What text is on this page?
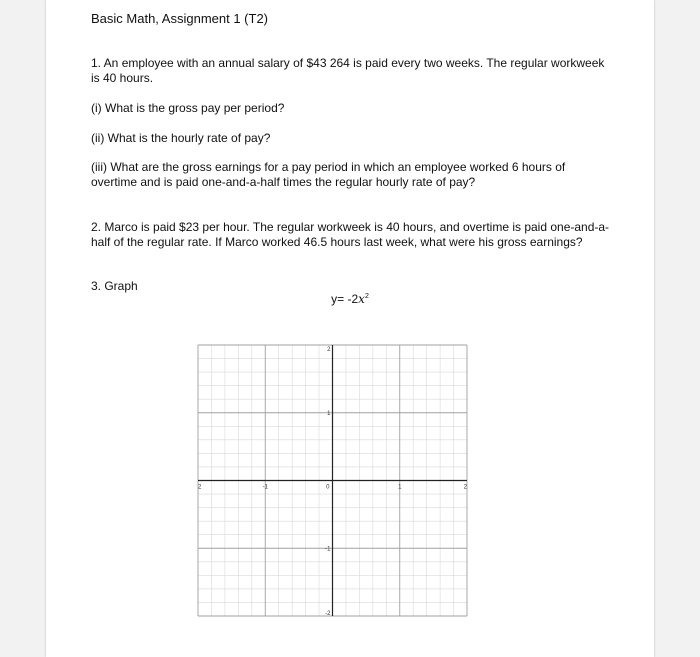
Basic Math, Assignment 1 (T2)
1. An employee with an annual salary of $43 264 is paid every two weeks. The regular workweek is 40 hours.
(i) What is the gross pay per period?
(ii) What is the hourly rate of pay?
(iii) What are the gross earnings for a pay period in which an employee worked 6 hours of overtime and is paid one-and-a-half times the regular hourly rate of pay?
2. Marco is paid $23 per hour. The regular workweek is 40 hours, and overtime is paid one-and-a-half of the regular rate. If Marco worked 46.5 hours last week, what were his gross earnings?
3. Graph
$y= -2x^2$
2	-1	0	1	2
2
1
-1
-2
